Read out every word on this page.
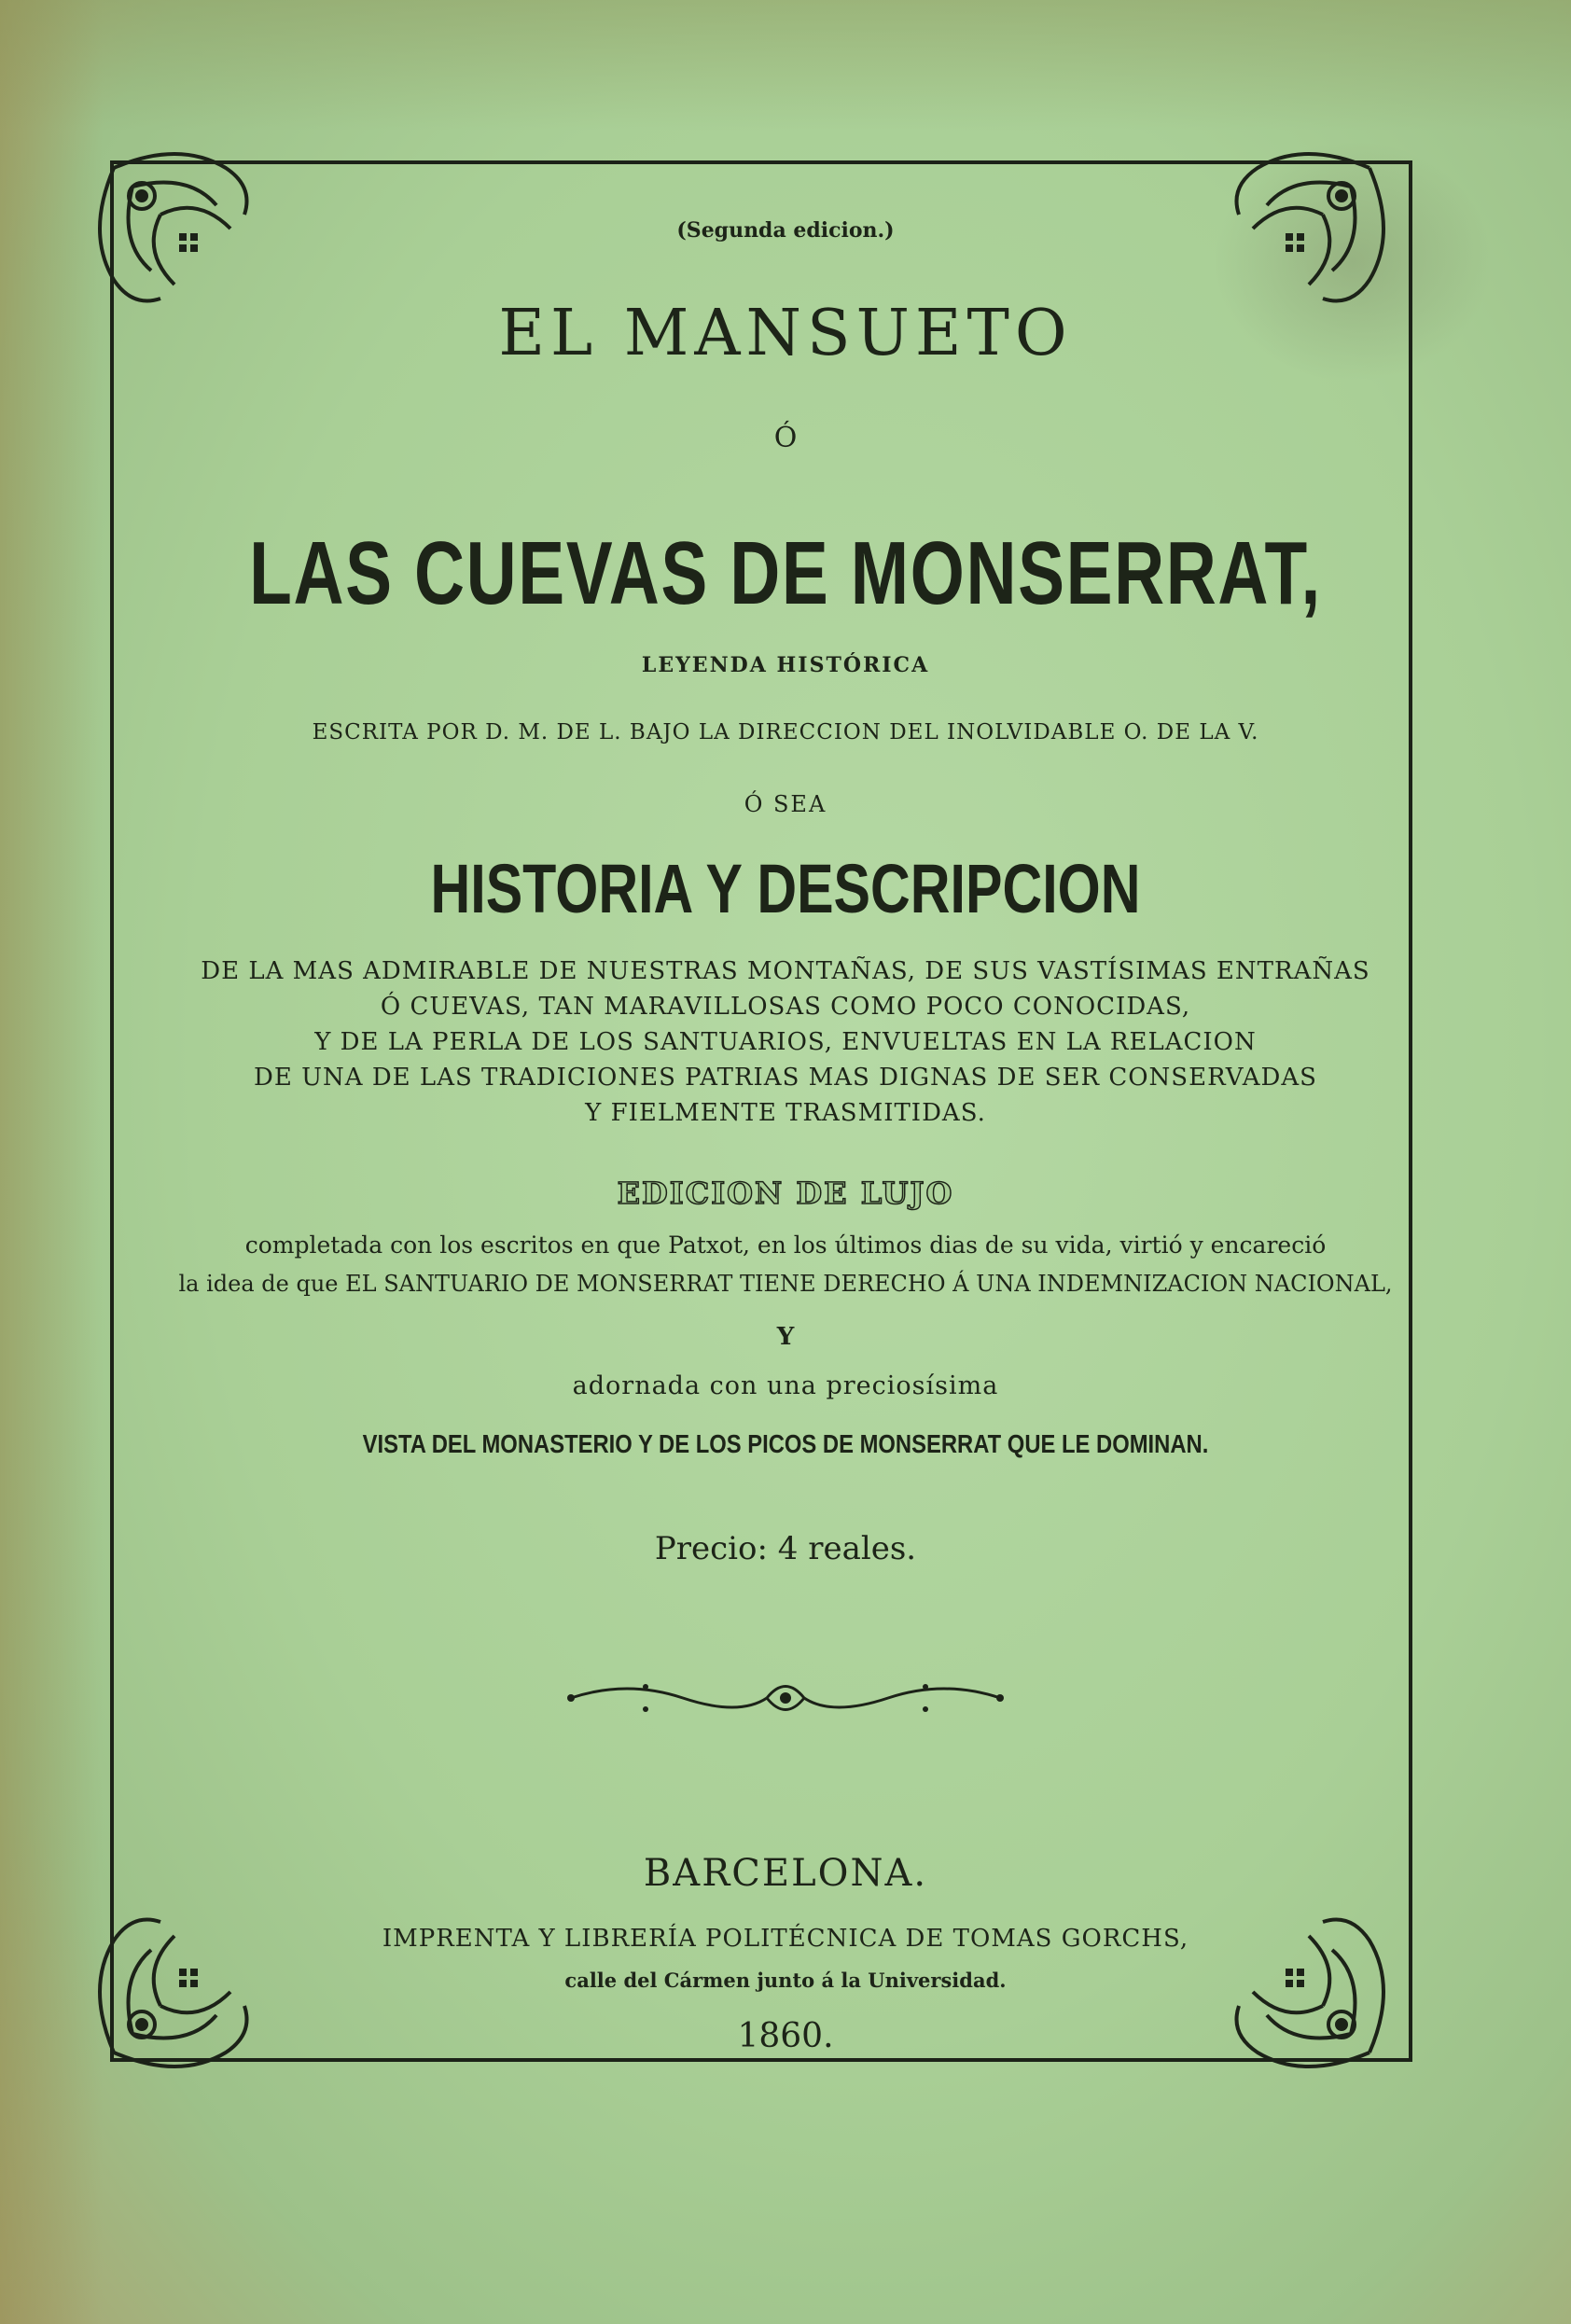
(Segunda edicion.)
EL MANSUETO
Ó
LAS CUEVAS DE MONSERRAT,
LEYENDA HISTÓRICA
ESCRITA POR D. M. DE L. BAJO LA DIRECCION DEL INOLVIDABLE O. DE LA V.
Ó SEA
HISTORIA Y DESCRIPCION
DE LA MAS ADMIRABLE DE NUESTRAS MONTAÑAS, DE SUS VASTÍSIMAS ENTRAÑAS
Ó CUEVAS, TAN MARAVILLOSAS COMO POCO CONOCIDAS,
Y DE LA PERLA DE LOS SANTUARIOS, ENVUELTAS EN LA RELACION
DE UNA DE LAS TRADICIONES PATRIAS MAS DIGNAS DE SER CONSERVADAS
Y FIELMENTE TRASMITIDAS.
EDICION DE LUJO
completada con los escritos en que Patxot, en los últimos dias de su vida, virtió y encareció
la idea de que EL SANTUARIO DE MONSERRAT TIENE DERECHO Á UNA INDEMNIZACION NACIONAL,
Y
adornada con una preciosísima
VISTA DEL MONASTERIO Y DE LOS PICOS DE MONSERRAT QUE LE DOMINAN.
Precio: 4 reales.
BARCELONA.
IMPRENTA Y LIBRERÍA POLITÉCNICA DE TOMAS GORCHS,
calle del Cármen junto á la Universidad.
1860.
